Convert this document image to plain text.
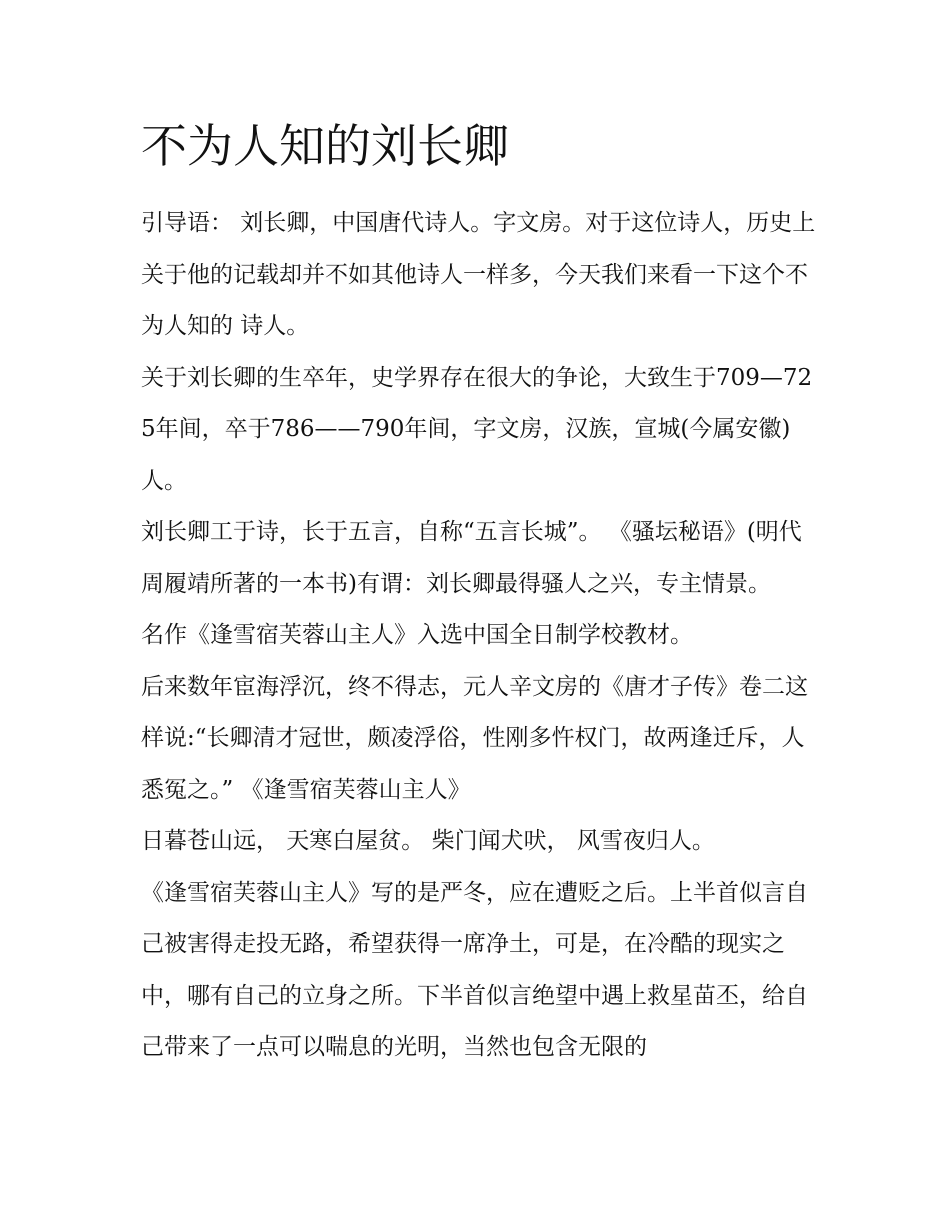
不为人知的刘长卿

引导语： 刘长卿，中国唐代诗人。字文房。对于这位诗人，历史上关于他的记载却并不如其他诗人一样多，今天我们来看一下这个不为人知的 诗人。

关于刘长卿的生卒年，史学界存在很大的争论，大致生于709—725年间，卒于786——790年间，字文房，汉族，宣城(今属安徽)人。

刘长卿工于诗，长于五言，自称“五言长城”。 《骚坛秘语》(明代周履靖所著的一本书)有谓：刘长卿最得骚人之兴，专主情景。

名作《逢雪宿芙蓉山主人》入选中国全日制学校教材。

后来数年宦海浮沉，终不得志，元人辛文房的《唐才子传》卷二这样说:“长卿清才冠世，颇凌浮俗，性刚多忤权门，故两逢迁斥，人悉冤之。” 《逢雪宿芙蓉山主人》

日暮苍山远， 天寒白屋贫。 柴门闻犬吠， 风雪夜归人。

《逢雪宿芙蓉山主人》写的是严冬，应在遭贬之后。上半首似言自己被害得走投无路，希望获得一席净土，可是，在冷酷的现实之中，哪有自己的立身之所。下半首似言绝望中遇上救星苗丕，给自己带来了一点可以喘息的光明，当然也包含无限的
